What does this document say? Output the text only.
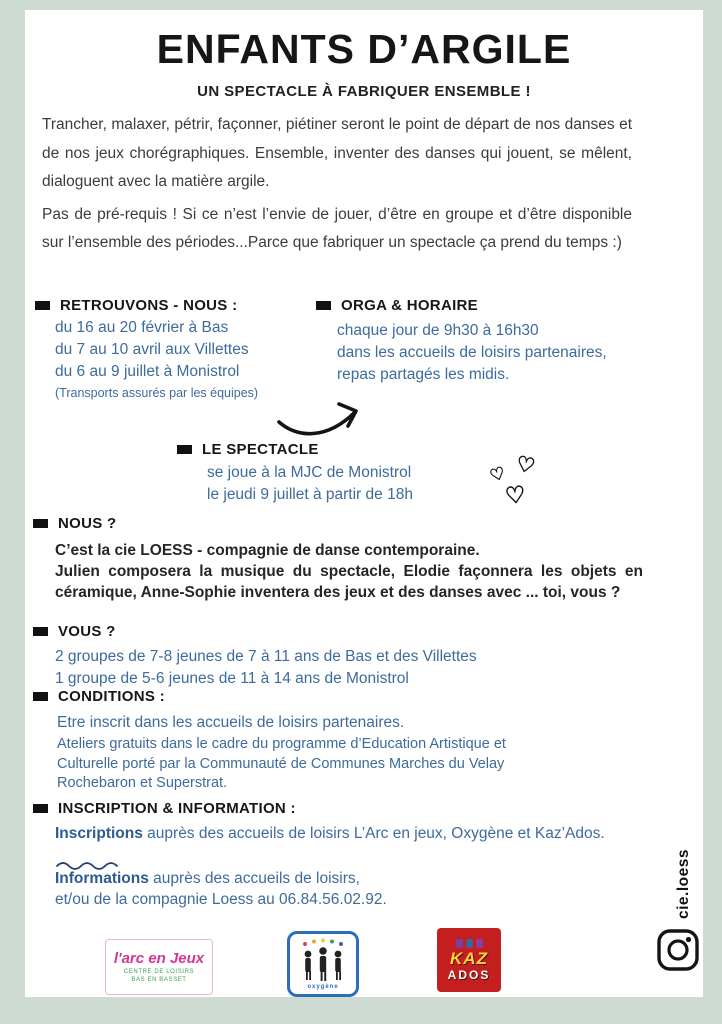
ENFANTS D’ARGILE
UN SPECTACLE À FABRIQUER ENSEMBLE !

Trancher, malaxer, pétrir, façonner, piétiner seront le point de départ de nos danses et de nos jeux chorégraphiques. Ensemble, inventer des danses qui jouent, se mêlent, dialoguent avec la matière argile.

Pas de pré-requis ! Si ce n’est l’envie de jouer, d’être en groupe et d’être disponible sur l’ensemble des périodes...Parce que fabriquer un spectacle ça prend du temps :)

RETROUVONS - NOUS :
du 16 au 20 février à Bas
du 7 au 10 avril aux Villettes
du 6 au 9 juillet à Monistrol
(Transports assurés par les équipes)
ORGA & HORAIRE
chaque jour de 9h30 à 16h30
dans les accueils de loisirs partenaires,
repas partagés les midis.
LE SPECTACLE
se joue à la MJC de Monistrol
le jeudi 9 juillet à partir de 18h
♡ ♡
♡
NOUS ?
C’est la cie LOESS - compagnie de danse contemporaine.

Julien composera la musique du spectacle, Elodie façonnera les objets en céramique, Anne-Sophie inventera des jeux et des danses avec ... toi, vous ?

VOUS ?
2 groupes de 7-8 jeunes de 7 à 11 ans de Bas et des Villettes
1 groupe de 5-6 jeunes de 11 à 14 ans de Monistrol
CONDITIONS :
Etre inscrit dans les accueils de loisirs partenaires.

Ateliers gratuits dans le cadre du programme d’Education Artistique et Culturelle porté par la Communauté de Communes Marches du Velay Rochebaron et Superstrat.

INSCRIPTION & INFORMATION :

Inscriptions auprès des accueils de loisirs L’Arc en jeux, Oxygène et Kaz’Ados.

Informations auprès des accueils de loisirs,

et/ou de la compagnie Loess au 06.84.56.02.92.	cie.loess
l'arc en Jeux
CENTRE DE LOISIRS
BAS EN BASSET
oxygène
KAZ
ADOS
